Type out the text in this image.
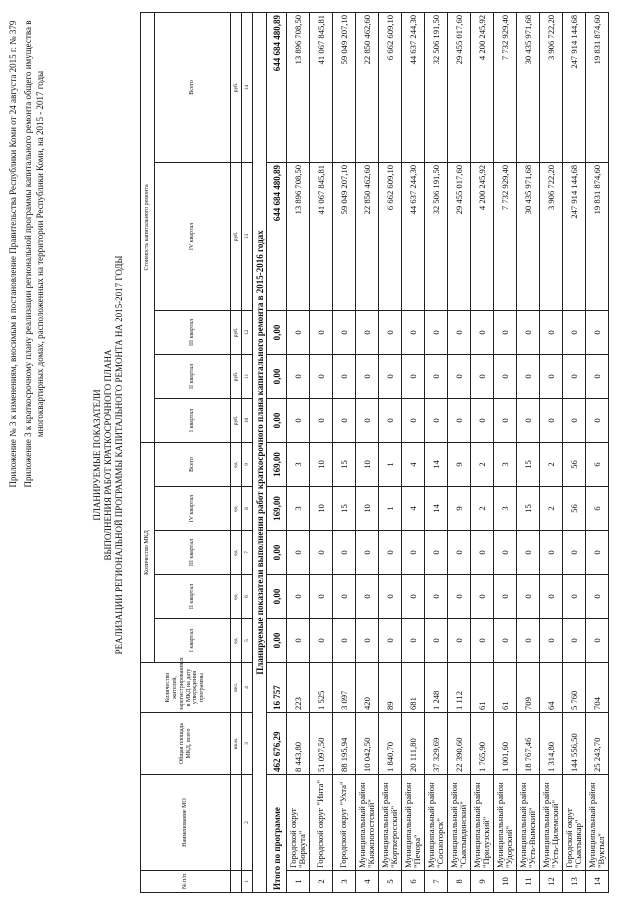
Приложение № 3 к изменениям, вносимым в постановление Правительства Республики Коми от 24 августа 2015 г. № 379 Приложение 3 к краткосрочному плану реализации региональной программы капитального ремонта общего имущества в многоквартирных домах, расположенных на территории Республики Коми, на 2015 - 2017 годы

ПЛАНИРУЕМЫЕ ПОКАЗАТЕЛИ ВЫПОЛНЕНИЯ РАБОТ КРАТКОСРОЧНОГО ПЛАНА РЕАЛИЗАЦИИ РЕГИОНАЛЬНОЙ ПРОГРАММЫ КАПИТАЛЬНОГО РЕМОНТА НА 2015-2017 ГОДЫ
№ п/п	Наименование МО	Общая площадь МКД, всего	Количество жителей, зарегистрированных в МКД на дату утверждения программы	Количество МКД					Стоимость капитального ремонта				
				I квартал	II квартал	III квартал	IV квартал	Всего	I квартал	II квартал	III квартал	IV квартал	Всего
		кв.м.	чел.	ед.	ед.	ед.	ед.	ед.	руб.	руб.	руб.	руб.	руб.
1	2	3	4	5	6	7	8	9	10	11	12	13	14
Планируемые показатели выполнения работ краткосрочного плана капитального ремонта в 2015-2016 годах													
Итого по программе		462 676,29	16 757	0,00	0,00	0,00	169,00	169,00	0,00	0,00	0,00	644 684 480,89	644 684 480,89
1	Городской округ "Воркута"	8 443,80	223	0	0	0	3	3	0	0	0	13 896 708,50	13 896 708,50
2	Городской округ "Инта"	51 097,50	1 525	0	0	0	10	10	0	0	0	41 067 845,81	41 067 845,81
3	Городской округ "Ухта"	88 195,94	3 097	0	0	0	15	15	0	0	0	59 049 207,10	59 049 207,10
4	Муниципальный район "Княжпогостский"	10 042,50	420	0	0	0	10	10	0	0	0	22 850 462,60	22 850 462,60
5	Муниципальный район "Корткеросский"	1 840,70	89	0	0	0	1	1	0	0	0	6 662 609,10	6 662 609,10
6	Муниципальный район "Печора"	20 111,80	681	0	0	0	4	4	0	0	0	44 637 244,30	44 637 244,30
7	Муниципальный район "Сосногорск"	37 329,69	1 248	0	0	0	14	14	0	0	0	32 506 191,50	32 506 191,50
8	Муниципальный район "Сыктывдинский"	22 390,60	1 112	0	0	0	9	9	0	0	0	29 455 017,60	29 455 017,60
9	Муниципальный район "Прилузский"	1 765,90	61	0	0	0	2	2	0	0	0	4 200 245,92	4 200 245,92
10	Муниципальный район "Удорский"	1 001,60	61	0	0	0	3	3	0	0	0	7 732 929,40	7 732 929,40
11	Муниципальный район "Усть-Вымский"	18 767,46	709	0	0	0	15	15	0	0	0	30 435 971,68	30 435 971,68
12	Муниципальный район "Усть-Цилемский"	1 314,80	64	0	0	0	2	2	0	0	0	3 906 722,20	3 906 722,20
13	Городской округ "Сыктывкар"	144 556,50	5 760	0	0	0	56	56	0	0	0	247 914 144,68	247 914 144,68
14	Муниципальный район "Вуктыл"	25 243,70	704	0	0	0	6	6	0	0	0	19 831 874,60	19 831 874,60
